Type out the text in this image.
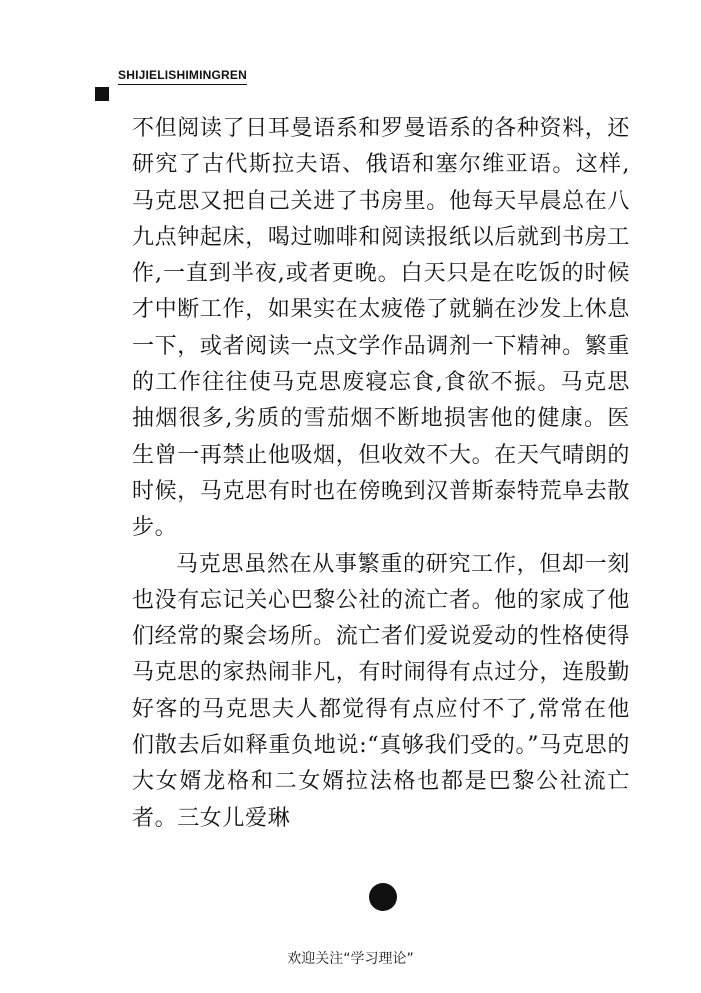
SHIJIELISHIMINGREN

不但阅读了日耳曼语系和罗曼语系的各种资料，还研究了古代斯拉夫语、俄语和塞尔维亚语。这样,马克思又把自己关进了书房里。他每天早晨总在八九点钟起床，喝过咖啡和阅读报纸以后就到书房工作,一直到半夜,或者更晚。白天只是在吃饭的时候才中断工作，如果实在太疲倦了就躺在沙发上休息一下，或者阅读一点文学作品调剂一下精神。繁重的工作往往使马克思废寝忘食,食欲不振。马克思抽烟很多,劣质的雪茄烟不断地损害他的健康。医生曾一再禁止他吸烟，但收效不大。在天气晴朗的时候，马克思有时也在傍晚到汉普斯泰特荒阜去散步。

马克思虽然在从事繁重的研究工作，但却一刻也没有忘记关心巴黎公社的流亡者。他的家成了他们经常的聚会场所。流亡者们爱说爱动的性格使得马克思的家热闹非凡，有时闹得有点过分，连殷勤好客的马克思夫人都觉得有点应付不了,常常在他们散去后如释重负地说:“真够我们受的。”马克思的大女婿龙格和二女婿拉法格也都是巴黎公社流亡者。三女儿爱琳

欢迎关注“学习理论”
